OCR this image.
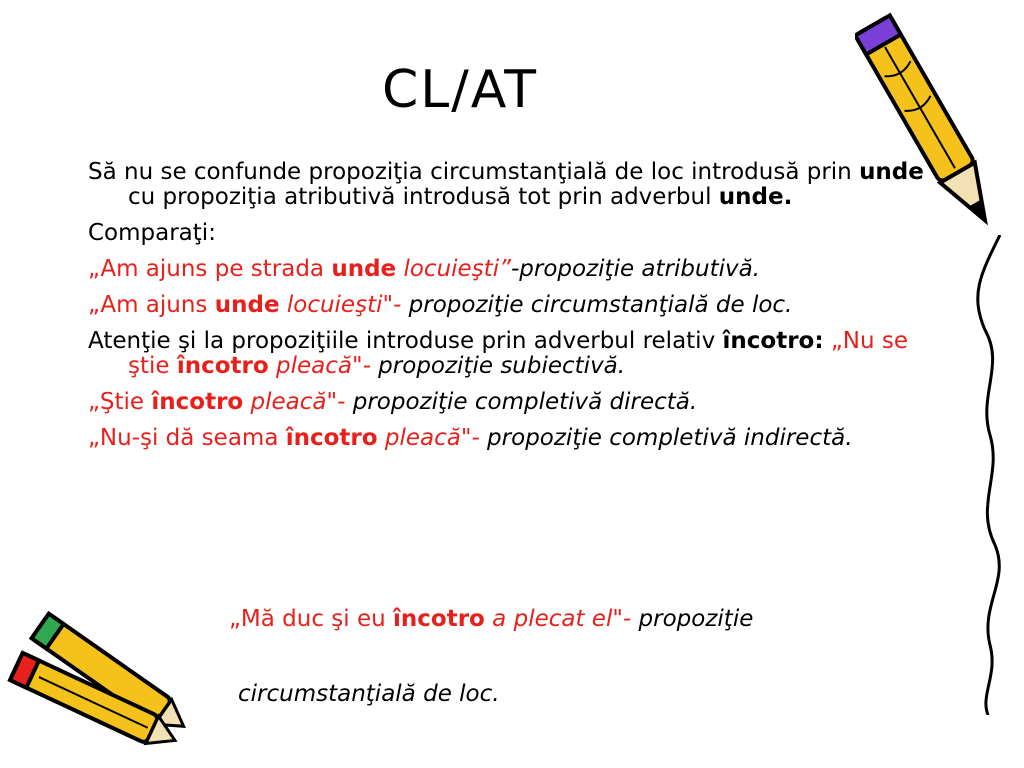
CL/AT

Să nu se confunde propoziţia circumstanţială de loc introdusă prin unde cu propoziţia atributivă introdusă tot prin adverbul unde.

Comparaţi:

„Am ajuns pe strada unde locuieşti”-propoziţie atributivă.

„Am ajuns unde locuieşti"- propoziţie circumstanţială de loc.

Atenţie şi la propoziţiile introduse prin adverbul relativ încotro: „Nu se ştie încotro pleacă"- propoziţie subiectivă.

„Ştie încotro pleacă"- propoziţie completivă directă.

„Nu-şi dă seama încotro pleacă"- propoziţie completivă indirectă.

„Mă duc şi eu încotro a plecat el"- propoziţie
circumstanţială de loc.
